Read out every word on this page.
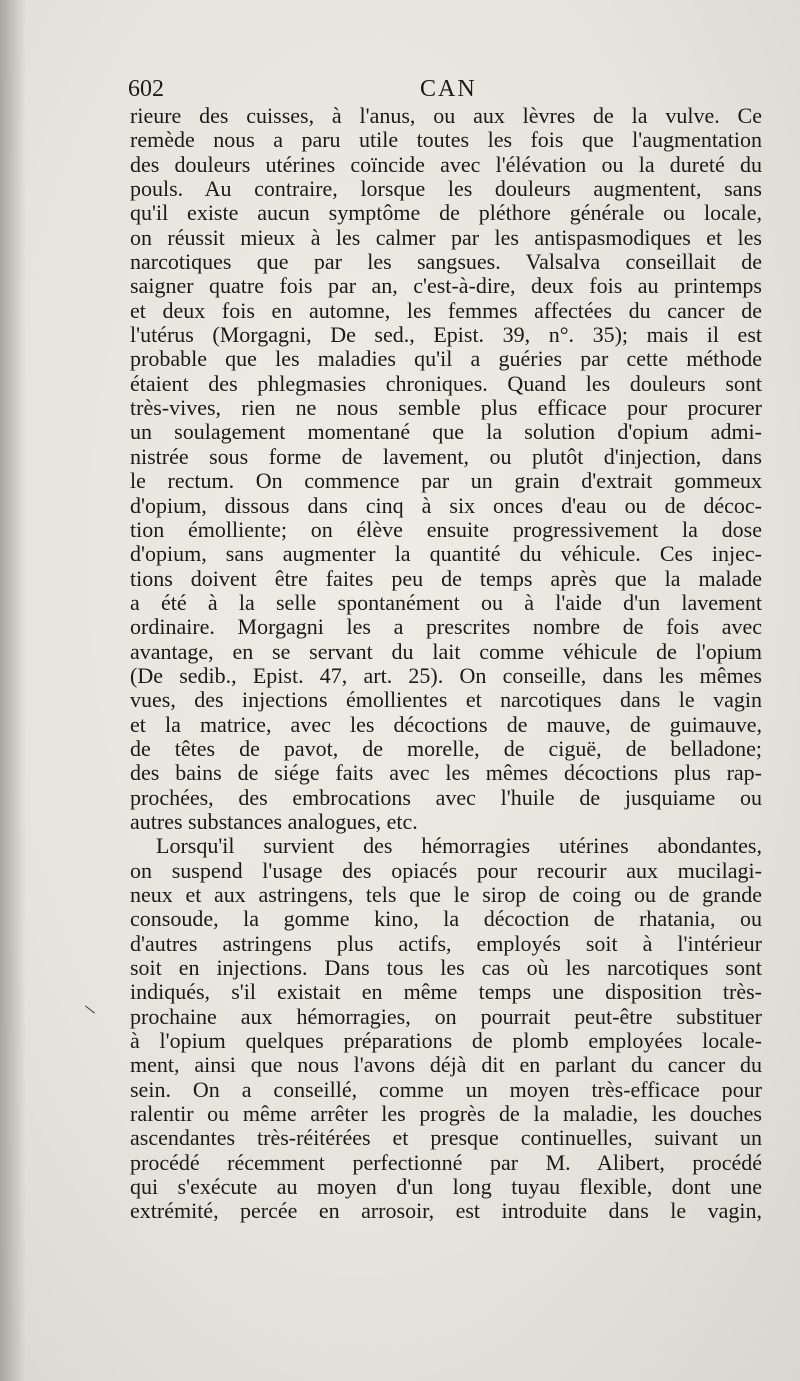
602	CAN
rieure des cuisses, à l'anus, ou aux lèvres de la vulve. Ce
remède nous a paru utile toutes les fois que l'augmentation
des douleurs utérines coïncide avec l'élévation ou la dureté du
pouls. Au contraire, lorsque les douleurs augmentent, sans
qu'il existe aucun symptôme de pléthore générale ou locale,
on réussit mieux à les calmer par les antispasmodiques et les
narcotiques que par les sangsues. Valsalva conseillait de
saigner quatre fois par an, c'est-à-dire, deux fois au printemps
et deux fois en automne, les femmes affectées du cancer de
l'utérus (Morgagni, De sed., Epist. 39, n°. 35); mais il est
probable que les maladies qu'il a guéries par cette méthode
étaient des phlegmasies chroniques. Quand les douleurs sont
très-vives, rien ne nous semble plus efficace pour procurer
un soulagement momentané que la solution d'opium admi-
nistrée sous forme de lavement, ou plutôt d'injection, dans
le rectum. On commence par un grain d'extrait gommeux
d'opium, dissous dans cinq à six onces d'eau ou de décoc-
tion émolliente; on élève ensuite progressivement la dose
d'opium, sans augmenter la quantité du véhicule. Ces injec-
tions doivent être faites peu de temps après que la malade
a été à la selle spontanément ou à l'aide d'un lavement
ordinaire. Morgagni les a prescrites nombre de fois avec
avantage, en se servant du lait comme véhicule de l'opium
(De sedib., Epist. 47, art. 25). On conseille, dans les mêmes
vues, des injections émollientes et narcotiques dans le vagin
et la matrice, avec les décoctions de mauve, de guimauve,
de têtes de pavot, de morelle, de ciguë, de belladone;
des bains de siége faits avec les mêmes décoctions plus rap-
prochées, des embrocations avec l'huile de jusquiame ou
autres substances analogues, etc.
Lorsqu'il survient des hémorragies utérines abondantes,
on suspend l'usage des opiacés pour recourir aux mucilagi-
neux et aux astringens, tels que le sirop de coing ou de grande
consoude, la gomme kino, la décoction de rhatania, ou
d'autres astringens plus actifs, employés soit à l'intérieur
soit en injections. Dans tous les cas où les narcotiques sont
indiqués, s'il existait en même temps une disposition très-
prochaine aux hémorragies, on pourrait peut-être substituer
à l'opium quelques préparations de plomb employées locale-
ment, ainsi que nous l'avons déjà dit en parlant du cancer du
sein. On a conseillé, comme un moyen très-efficace pour
ralentir ou même arrêter les progrès de la maladie, les douches
ascendantes très-réitérées et presque continuelles, suivant un
procédé récemment perfectionné par M. Alibert, procédé
qui s'exécute au moyen d'un long tuyau flexible, dont une
extrémité, percée en arrosoir, est introduite dans le vagin,
